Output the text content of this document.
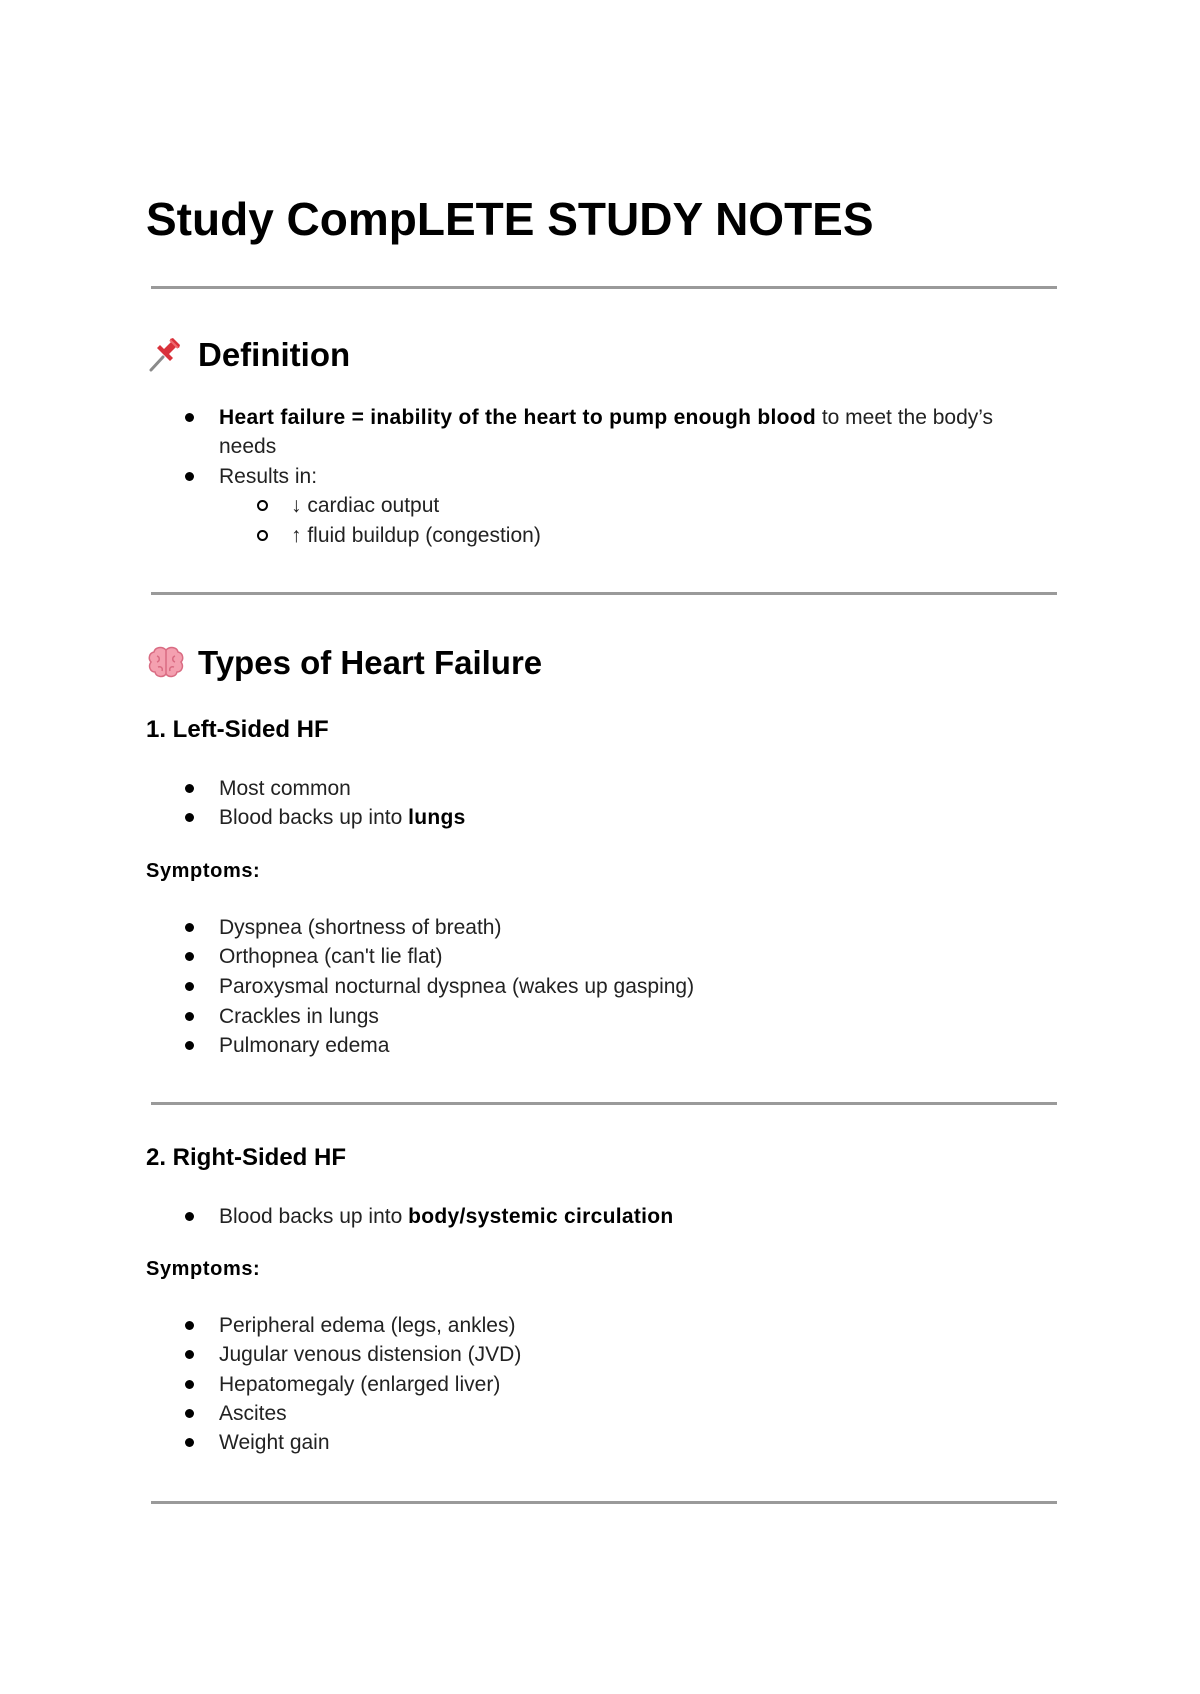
Study CompLETE STUDY NOTES
Definition
Heart failure = inability of the heart to pump enough blood to meet the body’s
needs
Results in:
↓ cardiac output
↑ fluid buildup (congestion)
Types of Heart Failure
1. Left-Sided HF
Most common
Blood backs up into lungs
Symptoms:
Dyspnea (shortness of breath)
Orthopnea (can't lie flat)
Paroxysmal nocturnal dyspnea (wakes up gasping)
Crackles in lungs
Pulmonary edema
2. Right-Sided HF
Blood backs up into body/systemic circulation
Symptoms:
Peripheral edema (legs, ankles)
Jugular venous distension (JVD)
Hepatomegaly (enlarged liver)
Ascites
Weight gain
